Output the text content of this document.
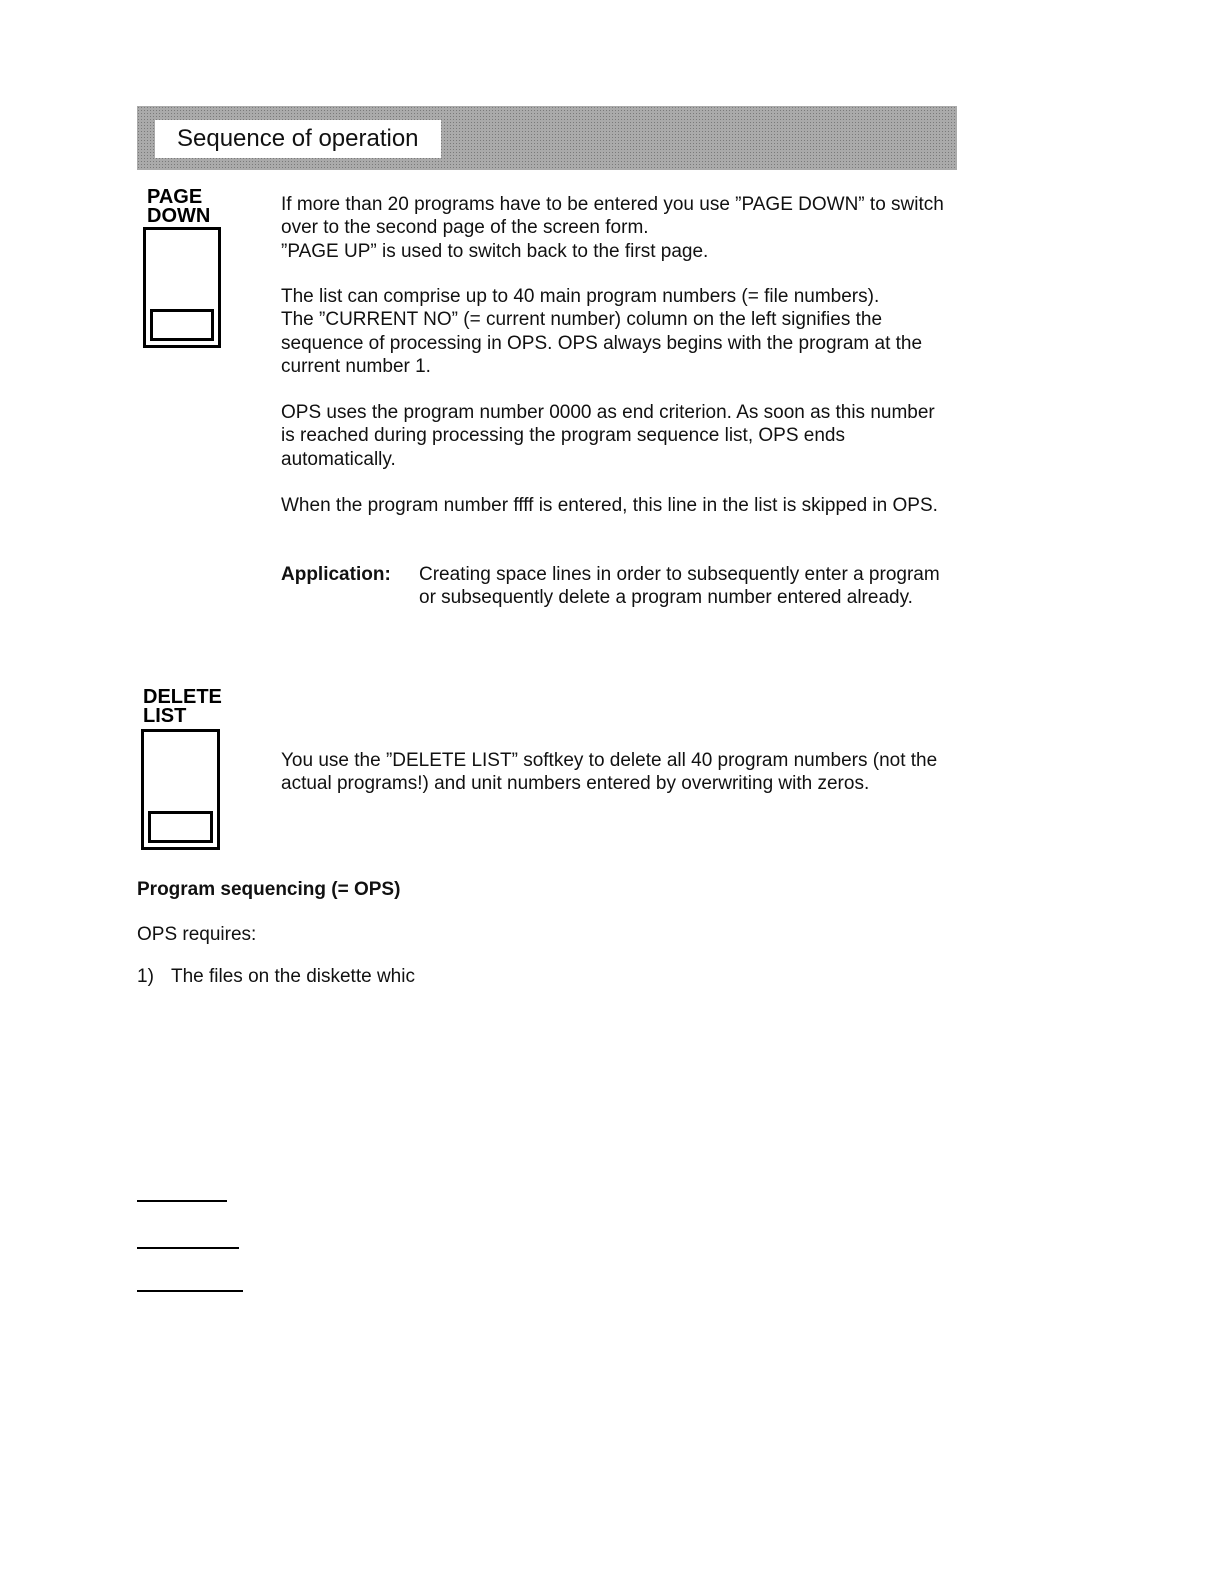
Sequence of operation
PAGE
DOWN

If more than 20 programs have to be entered you use ”PAGE DOWN” to switch over to the second page of the screen form.
”PAGE UP” is used to switch back to the first page.

The list can comprise up to 40 main program numbers (= file numbers).
The ”CURRENT NO” (= current number) column on the left signifies the sequence of processing in OPS. OPS always begins with the program at the current number 1.

OPS uses the program number 0000 as end criterion. As soon as this number is reached during processing the program sequence list, OPS ends automatically.

When the program number ffff is entered, this line in the list is skipped in OPS.

Application: Creating space lines in order to subsequently enter a program or subsequently delete a program number entered already.

DELETE
LIST

You use the ”DELETE LIST” softkey to delete all 40 program numbers (not the actual programs!) and unit numbers entered by overwriting with zeros.

Program sequencing (= OPS)
OPS requires:
1) The files on the diskette whic
